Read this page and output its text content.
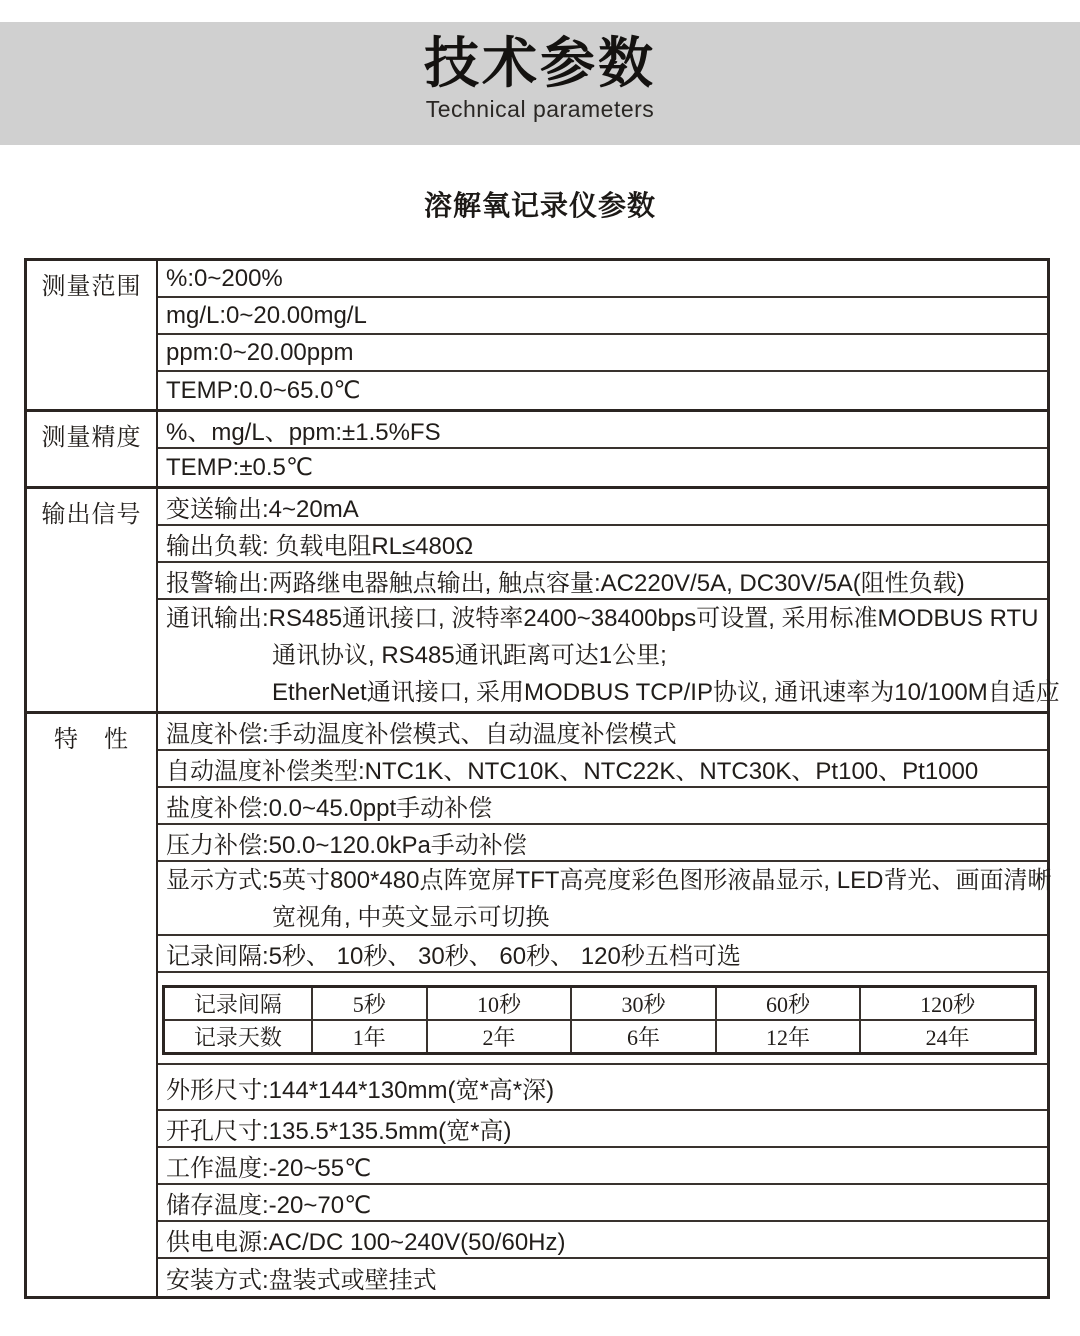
技术参数
Technical parameters
溶解氧记录仪参数
测量范围	%:0~200%
mg/L:0~20.00mg/L
ppm:0~20.00ppm
TEMP:0.0~65.0℃
测量精度	%、mg/L、ppm:±1.5%FS
TEMP:±0.5℃
输出信号	变送输出:4~20mA
输出负载: 负载电阻RL≤480Ω
报警输出:两路继电器触点输出, 触点容量:AC220V/5A, DC30V/5A(阻性负载)
通讯输出:RS485通讯接口, 波特率2400~38400bps可设置, 采用标准MODBUS RTU
通讯协议, RS485通讯距离可达1公里;
EtherNet通讯接口, 采用MODBUS TCP/IP协议, 通讯速率为10/100M自适应
特　性	温度补偿:手动温度补偿模式、自动温度补偿模式
自动温度补偿类型:NTC1K、NTC10K、NTC22K、NTC30K、Pt100、Pt1000
盐度补偿:0.0~45.0ppt手动补偿
压力补偿:50.0~120.0kPa手动补偿
显示方式:5英寸800*480点阵宽屏TFT高亮度彩色图形液晶显示, LED背光、画面清晰
宽视角, 中英文显示可切换
记录间隔:5秒、 10秒、 30秒、 60秒、 120秒五档可选
记录间隔	5秒	10秒	30秒	60秒	120秒
记录天数	1年	2年	6年	12年	24年
外形尺寸:144*144*130mm(宽*高*深)
开孔尺寸:135.5*135.5mm(宽*高)
工作温度:-20~55℃
储存温度:-20~70℃
供电电源:AC/DC 100~240V(50/60Hz)
安装方式:盘装式或壁挂式
